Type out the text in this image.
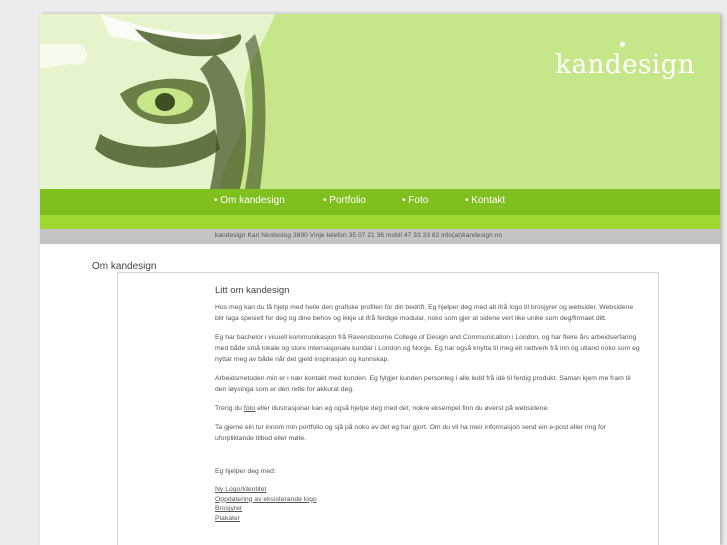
kandesign
• Om kandesign	• Portfolio	• Foto	• Kontakt
kandesign Kari Nesteslog 3890 Vinje telefon 35 07 21 36 mobil 47 33 33 82 info(at)kandesign.no
Om kandesign
Litt om kandesign

Hos meg kan du få hjelp med heile den grafiske profilen for din bedrift. Eg hjelper deg med alt ifrå logo til brosjyrer og websider. Websidene blir laga spesielt for deg og dine behov og ikkje ut ifrå ferdige modular, noko som gjer at sidene vert like unike som deg/firmaet ditt.

Eg har bachelor i visuell kommunikasjon frå Ravensbourne College of Design and Communication i London, og har fleire års arbeidserfaring med både små lokale og store internasjonale kundar i London og Norge. Eg har også knytta til meg eit nettverk frå inn og utland noko som eg nyttar meg av både når det gjeld inspirasjon og kunnskap.

Arbeidsmetoden min er i nær kontakt med kunden. Eg fylgjer kunden personleg i alle ledd frå idé til ferdig produkt. Saman kjem me fram til den løysinga som er den rette for akkurat deg.

Treng du foto eller illustrasjonar kan eg også hjelpe deg med det, nokre eksempel finn du øverst på websidene.

Ta gjerne ein tur innom min portfolio og sjå på noko av det eg har gjort. Om du vil ha meir informasjon send ein e-post eller ring for uforpliktande tilbod eller møte.

Eg hjelper deg med:

Ny Logo/Identitet
Oppdatering av eksisterande logo
Brosjyrer
Plakater
